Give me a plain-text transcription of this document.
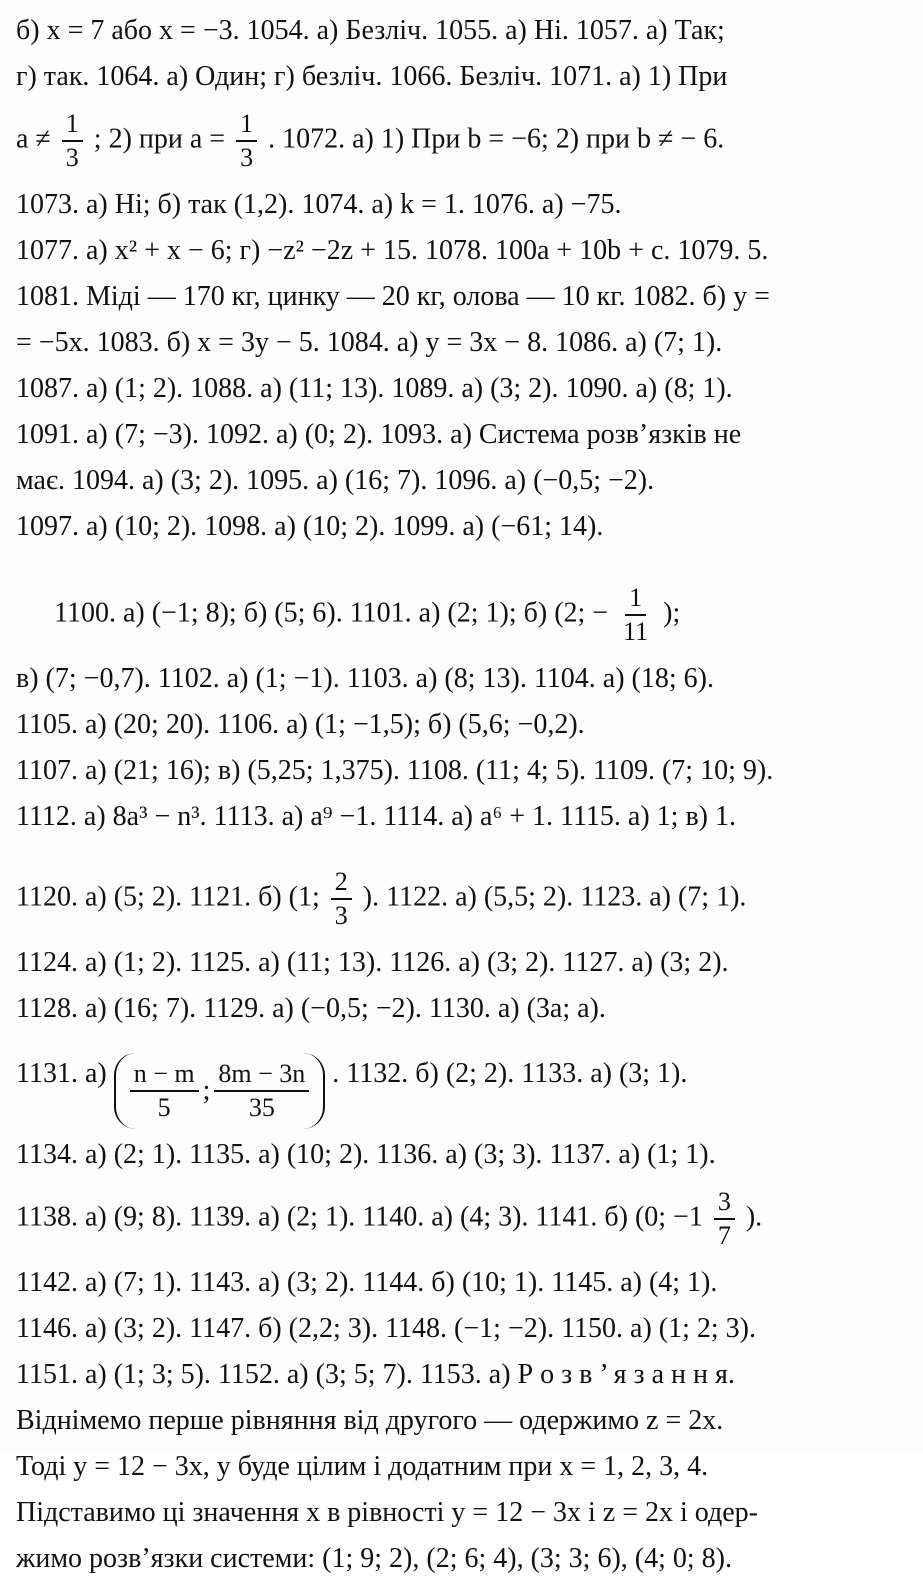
б) x = 7 або x = −3. 1054. а) Безліч. 1055. а) Ні. 1057. а) Так;
г) так. 1064. а) Один; г) безліч. 1066. Безліч. 1071. а) 1) При
$a \ne \frac{1}{3}$ ; 2) при $a = \frac{1}{3}$ . 1072. а) 1) При b = −6; 2) при b ≠ − 6.
1073. а) Ні; б) так (1,2). 1074. а) k = 1. 1076. а) −75.
1077. а) x² + x − 6; г) −z² −2z + 15. 1078. 100a + 10b + c. 1079. 5.
1081. Міді — 170 кг, цинку — 20 кг, олова — 10 кг. 1082. б) y =
= −5x. 1083. б) x = 3y − 5. 1084. а) y = 3x − 8. 1086. а) (7; 1).
1087. а) (1; 2). 1088. а) (11; 13). 1089. а) (3; 2). 1090. а) (8; 1).
1091. а) (7; −3). 1092. а) (0; 2). 1093. а) Система розв’язків не
має. 1094. а) (3; 2). 1095. а) (16; 7). 1096. а) (−0,5; −2).
1097. а) (10; 2). 1098. а) (10; 2). 1099. а) (−61; 14).
1100. а) (−1; 8); б) (5; 6). 1101. а) (2; 1); б) (2; − $\frac{1}{11}$ );
в) (7; −0,7). 1102. а) (1; −1). 1103. а) (8; 13). 1104. а) (18; 6).
1105. а) (20; 20). 1106. а) (1; −1,5); б) (5,6; −0,2).
1107. а) (21; 16); в) (5,25; 1,375). 1108. (11; 4; 5). 1109. (7; 10; 9).
1112. а) 8a³ − n³. 1113. а) a⁹ −1. 1114. а) a⁶ + 1. 1115. а) 1; в) 1.
1120. а) (5; 2). 1121. б) (1; $\frac{2}{3}$ ). 1122. а) (5,5; 2). 1123. а) (7; 1).
1124. а) (1; 2). 1125. а) (11; 13). 1126. а) (3; 2). 1127. а) (3; 2).
1128. а) (16; 7). 1129. а) (−0,5; −2). 1130. а) (3a; a).
1131. $а) \frac{n - m}{5}$ ; $\frac{8m - 3n}{35}$ . 1132. б) (2; 2). 1133. а) (3; 1).
1134. а) (2; 1). 1135. а) (10; 2). 1136. а) (3; 3). 1137. а) (1; 1).
1138. а) (9; 8). 1139. а) (2; 1). 1140. а) (4; 3). 1141. б) (0; $-1 \frac{3}{7}$ ).
1142. а) (7; 1). 1143. а) (3; 2). 1144. б) (10; 1). 1145. а) (4; 1).
1146. а) (3; 2). 1147. б) (2,2; 3). 1148. (−1; −2). 1150. а) (1; 2; 3).
1151. а) (1; 3; 5). 1152. а) (3; 5; 7). 1153. а) Р о з в ’ я з а н н я.
Віднімемо перше рівняння від другого — одержимо z = 2x.
Тоді y = 12 − 3x, y буде цілим і додатним при x = 1, 2, 3, 4.
Підставимо ці значення x в рівності y = 12 − 3x і z = 2x і одер-
жимо розв’язки системи: (1; 9; 2), (2; 6; 4), (3; 3; 6), (4; 0; 8).
